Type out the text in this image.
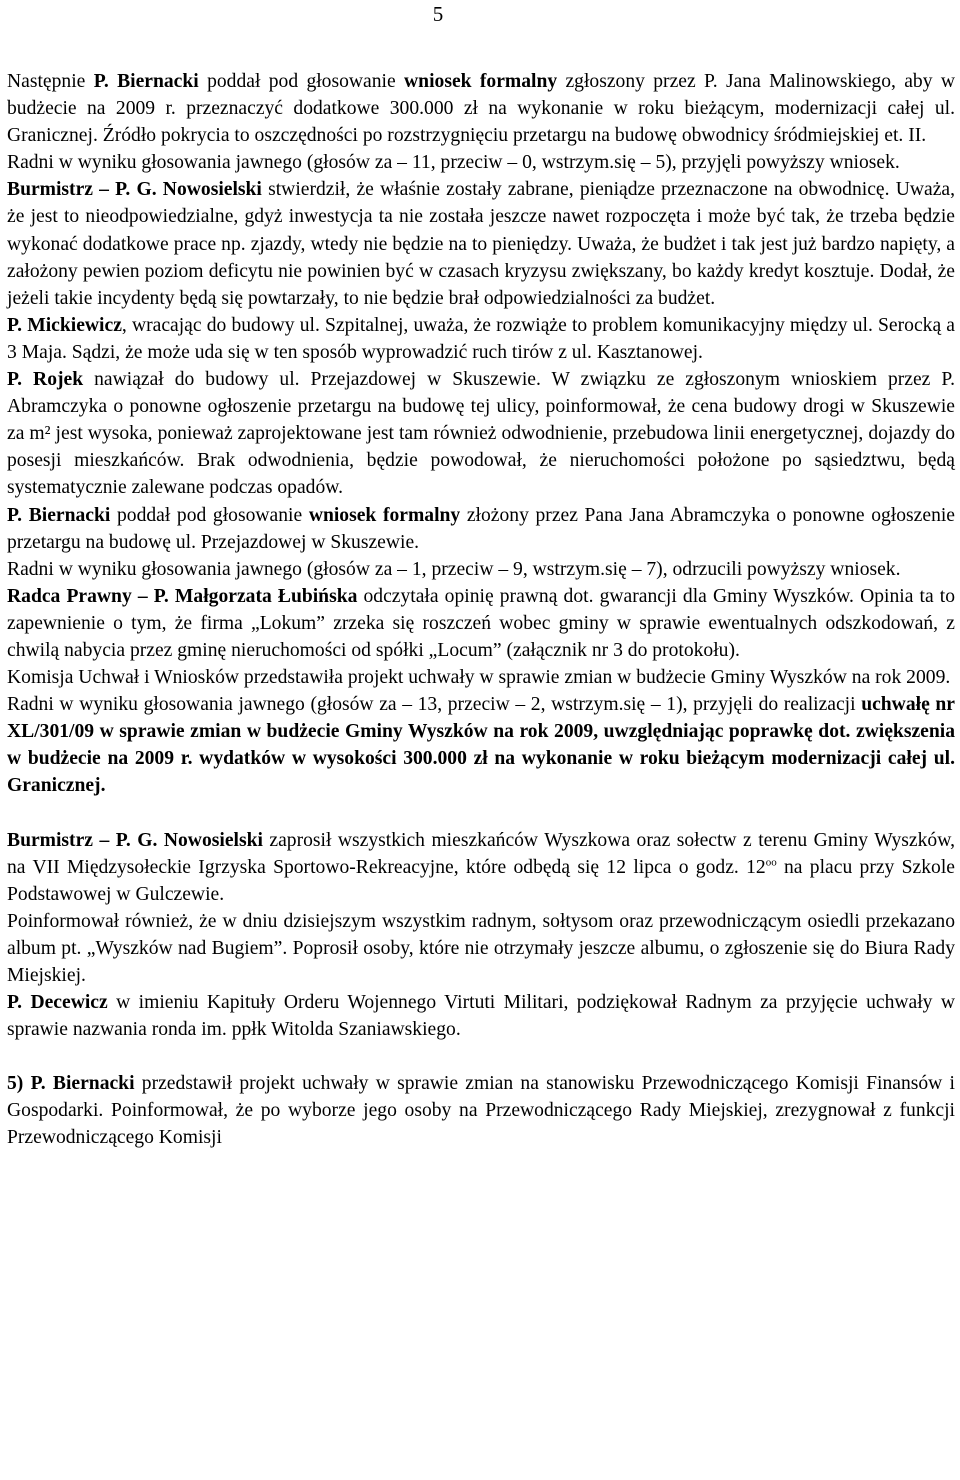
5

Następnie P. Biernacki poddał pod głosowanie wniosek formalny zgłoszony przez P. Jana Malinowskiego, aby w budżecie na 2009 r. przeznaczyć dodatkowe 300.000 zł na wykonanie w roku bieżącym, modernizacji całej ul. Granicznej. Źródło pokrycia to oszczędności po rozstrzygnięciu przetargu na budowę obwodnicy śródmiejskiej et. II.

Radni w wyniku głosowania jawnego (głosów za – 11, przeciw – 0, wstrzym.się – 5), przyjęli powyższy wniosek.

Burmistrz – P. G. Nowosielski stwierdził, że właśnie zostały zabrane, pieniądze przeznaczone na obwodnicę. Uważa, że jest to nieodpowiedzialne, gdyż inwestycja ta nie została jeszcze nawet rozpoczęta i może być tak, że trzeba będzie wykonać dodatkowe prace np. zjazdy, wtedy nie będzie na to pieniędzy. Uważa, że budżet i tak jest już bardzo napięty, a założony pewien poziom deficytu nie powinien być w czasach kryzysu zwiększany, bo każdy kredyt kosztuje. Dodał, że jeżeli takie incydenty będą się powtarzały, to nie będzie brał odpowiedzialności za budżet.

P. Mickiewicz, wracając do budowy ul. Szpitalnej, uważa, że rozwiąże to problem komunikacyjny między ul. Serocką a 3 Maja. Sądzi, że może uda się w ten sposób wyprowadzić ruch tirów z ul. Kasztanowej.

P. Rojek nawiązał do budowy ul. Przejazdowej w Skuszewie. W związku ze zgłoszonym wnioskiem przez P. Abramczyka o ponowne ogłoszenie przetargu na budowę tej ulicy, poinformował, że cena budowy drogi w Skuszewie za m² jest wysoka, ponieważ zaprojektowane jest tam również odwodnienie, przebudowa linii energetycznej, dojazdy do posesji mieszkańców. Brak odwodnienia, będzie powodował, że nieruchomości położone po sąsiedztwu, będą systematycznie zalewane podczas opadów.

P. Biernacki poddał pod głosowanie wniosek formalny złożony przez Pana Jana Abramczyka o ponowne ogłoszenie przetargu na budowę ul. Przejazdowej w Skuszewie.

Radni w wyniku głosowania jawnego (głosów za – 1, przeciw – 9, wstrzym.się – 7), odrzucili powyższy wniosek.

Radca Prawny – P. Małgorzata Łubińska odczytała opinię prawną dot. gwarancji dla Gminy Wyszków. Opinia ta to zapewnienie o tym, że firma „Lokum” zrzeka się roszczeń wobec gminy w sprawie ewentualnych odszkodowań, z chwilą nabycia przez gminę nieruchomości od spółki „Locum” (załącznik nr 3 do protokołu).

Komisja Uchwał i Wniosków przedstawiła projekt uchwały w sprawie zmian w budżecie Gminy Wyszków na rok 2009.

Radni w wyniku głosowania jawnego (głosów za – 13, przeciw – 2, wstrzym.się – 1), przyjęli do realizacji uchwałę nr XL/301/09 w sprawie zmian w budżecie Gminy Wyszków na rok 2009, uwzględniając poprawkę dot. zwiększenia w budżecie na 2009 r. wydatków w wysokości 300.000 zł na wykonanie w roku bieżącym modernizacji całej ul. Granicznej.

Burmistrz – P. G. Nowosielski zaprosił wszystkich mieszkańców Wyszkowa oraz sołectw z terenu Gminy Wyszków, na VII Międzysołeckie Igrzyska Sportowo-Rekreacyjne, które odbędą się 12 lipca o godz. $12^{oo}$ na placu przy Szkole Podstawowej w Gulczewie.

Poinformował również, że w dniu dzisiejszym wszystkim radnym, sołtysom oraz przewodniczącym osiedli przekazano album pt. „Wyszków nad Bugiem”. Poprosił osoby, które nie otrzymały jeszcze albumu, o zgłoszenie się do Biura Rady Miejskiej.

P. Decewicz w imieniu Kapituły Orderu Wojennego Virtuti Militari, podziękował Radnym za przyjęcie uchwały w sprawie nazwania ronda im. ppłk Witolda Szaniawskiego.

5) P. Biernacki przedstawił projekt uchwały w sprawie zmian na stanowisku Przewodniczącego Komisji Finansów i Gospodarki. Poinformował, że po wyborze jego osoby na Przewodniczącego Rady Miejskiej, zrezygnował z funkcji Przewodniczącego Komisji
